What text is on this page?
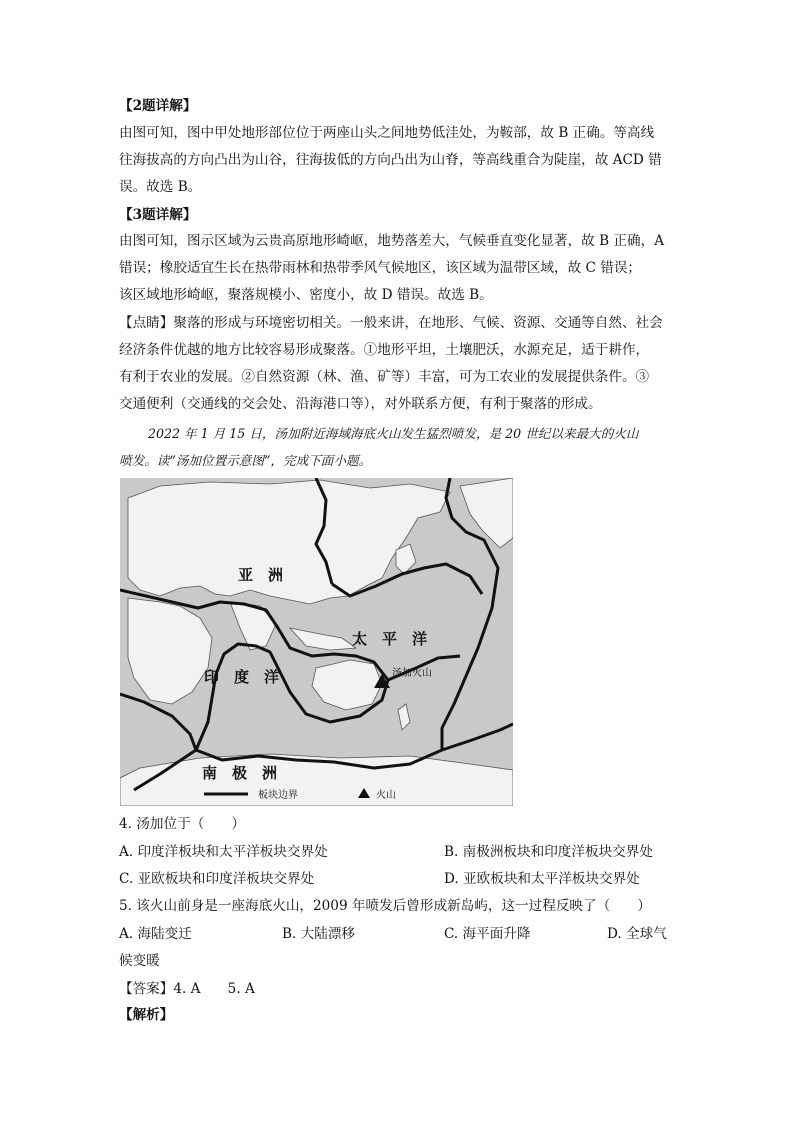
【2题详解】
由图可知，图中甲处地形部位位于两座山头之间地势低洼处，为鞍部，故 B 正确。等高线
往海拔高的方向凸出为山谷，往海拔低的方向凸出为山脊，等高线重合为陡崖，故 ACD 错
误。故选 B。
【3题详解】
由图可知，图示区域为云贵高原地形崎岖，地势落差大，气候垂直变化显著，故 B 正确，A
错误；橡胶适宜生长在热带雨林和热带季风气候地区，该区域为温带区域，故 C 错误；
该区域地形崎岖，聚落规模小、密度小，故 D 错误。故选 B。
【点睛】聚落的形成与环境密切相关。一般来讲，在地形、气候、资源、交通等自然、社会
经济条件优越的地方比较容易形成聚落。①地形平坦，土壤肥沃，水源充足，适于耕作，
有利于农业的发展。②自然资源（林、渔、矿等）丰富，可为工农业的发展提供条件。③
交通便利（交通线的交会处、沿海港口等），对外联系方便，有利于聚落的形成。
2022 年 1 月 15 日，汤加附近海域海底火山发生猛烈喷发，是 20 世纪以来最大的火山
喷发。读“汤加位置示意图”，完成下面小题。
亚　洲
太　平　洋
印　度　洋
南　极　洲
汤加火山
板块边界	火山
4. 汤加位于（　　）
A. 印度洋板块和太平洋板块交界处	B. 南极洲板块和印度洋板块交界处
C. 亚欧板块和印度洋板块交界处	D. 亚欧板块和太平洋板块交界处
5. 该火山前身是一座海底火山，2009 年喷发后曾形成新岛屿，这一过程反映了（　　）
A. 海陆变迁	B. 大陆漂移	C. 海平面升降	D. 全球气
候变暖
【答案】4. A　　5. A
【解析】
